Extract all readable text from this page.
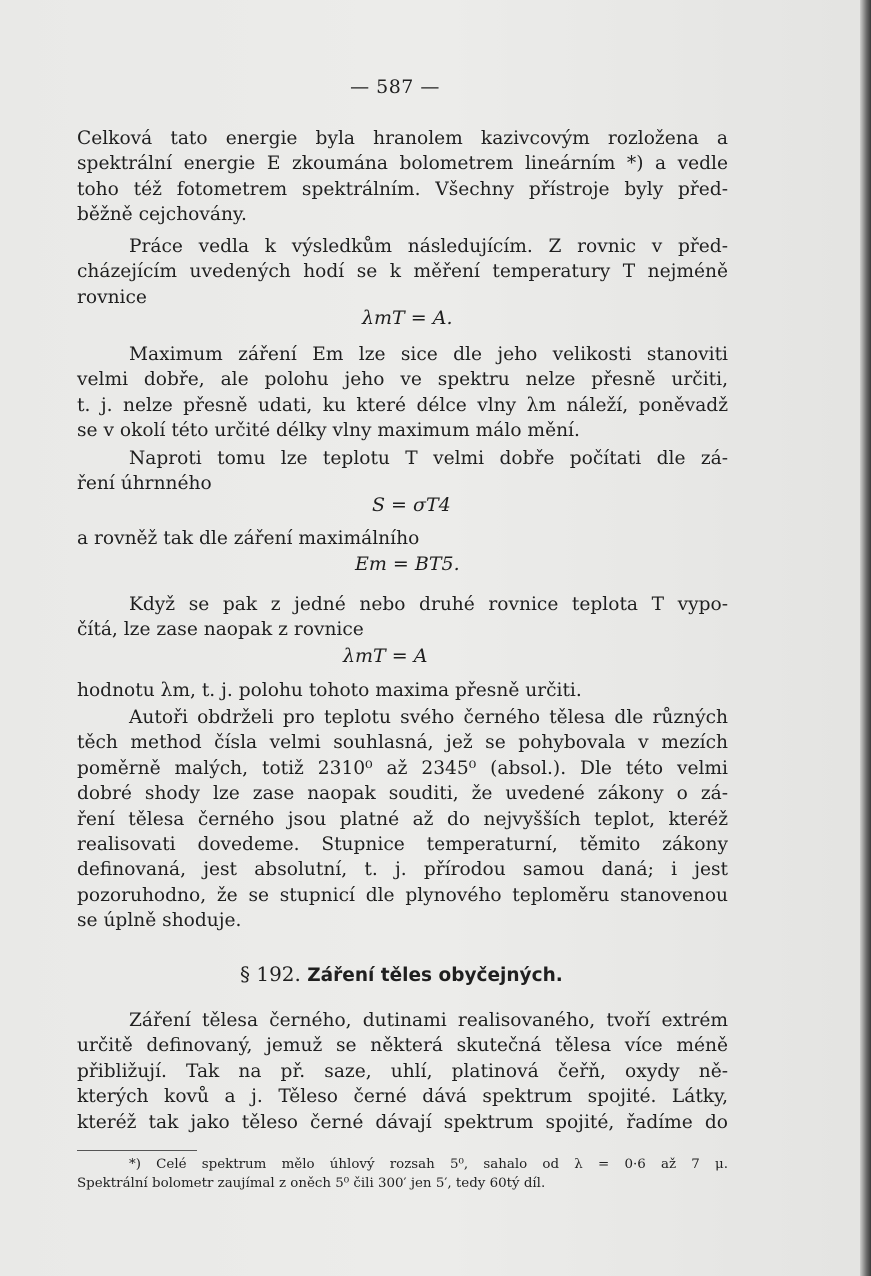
— 587 —
Celková tato energie byla hranolem kazivcovým rozložena a
spektrální energie E zkoumána bolometrem lineárním *) a vedle
toho též fotometrem spektrálním. Všechny přístroje byly před-
běžně cejchovány.
Práce vedla k výsledkům následujícím. Z rovnic v před-
cházejícím uvedených hodí se k měření temperatury T nejméně
rovnice
λmT = A.
Maximum záření Em lze sice dle jeho velikosti stanoviti
velmi dobře, ale polohu jeho ve spektru nelze přesně určiti,
t. j. nelze přesně udati, ku které délce vlny λm náleží, poněvadž
se v okolí této určité délky vlny maximum málo mění.
Naproti tomu lze teplotu T velmi dobře počítati dle zá-
ření úhrnného
S = σT4
a rovněž tak dle záření maximálního
Em = BT5.
Když se pak z jedné nebo druhé rovnice teplota T vypo-
čítá, lze zase naopak z rovnice
λmT = A
hodnotu λm, t. j. polohu tohoto maxima přesně určiti.
Autoři obdrželi pro teplotu svého černého tělesa dle různých
těch method čísla velmi souhlasná, jež se pohybovala v mezích
poměrně malých, totiž 2310⁰ až 2345⁰ (absol.). Dle této velmi
dobré shody lze zase naopak souditi, že uvedené zákony o zá-
ření tělesa černého jsou platné až do nejvyšších teplot, kteréž
realisovati dovedeme. Stupnice temperaturní, těmito zákony
definovaná, jest absolutní, t. j. přírodou samou daná; i jest
pozoruhodno, že se stupnicí dle plynového teploměru stanovenou
se úplně shoduje.
§ 192. Záření těles obyčejných.
Záření tělesa černého, dutinami realisovaného, tvoří extrém
určitě definovaný, jemuž se některá skutečná tělesa více méně
přibližují. Tak na př. saze, uhlí, platinová čeřň, oxydy ně-
kterých kovů a j. Těleso černé dává spektrum spojité. Látky,
kteréž tak jako těleso černé dávají spektrum spojité, řadíme do
*) Celé spektrum mělo úhlový rozsah 5⁰, sahalo od λ = 0·6 až 7 μ.
Spektrální bolometr zaujímal z oněch 5⁰ čili 300′ jen 5′, tedy 60tý díl.
